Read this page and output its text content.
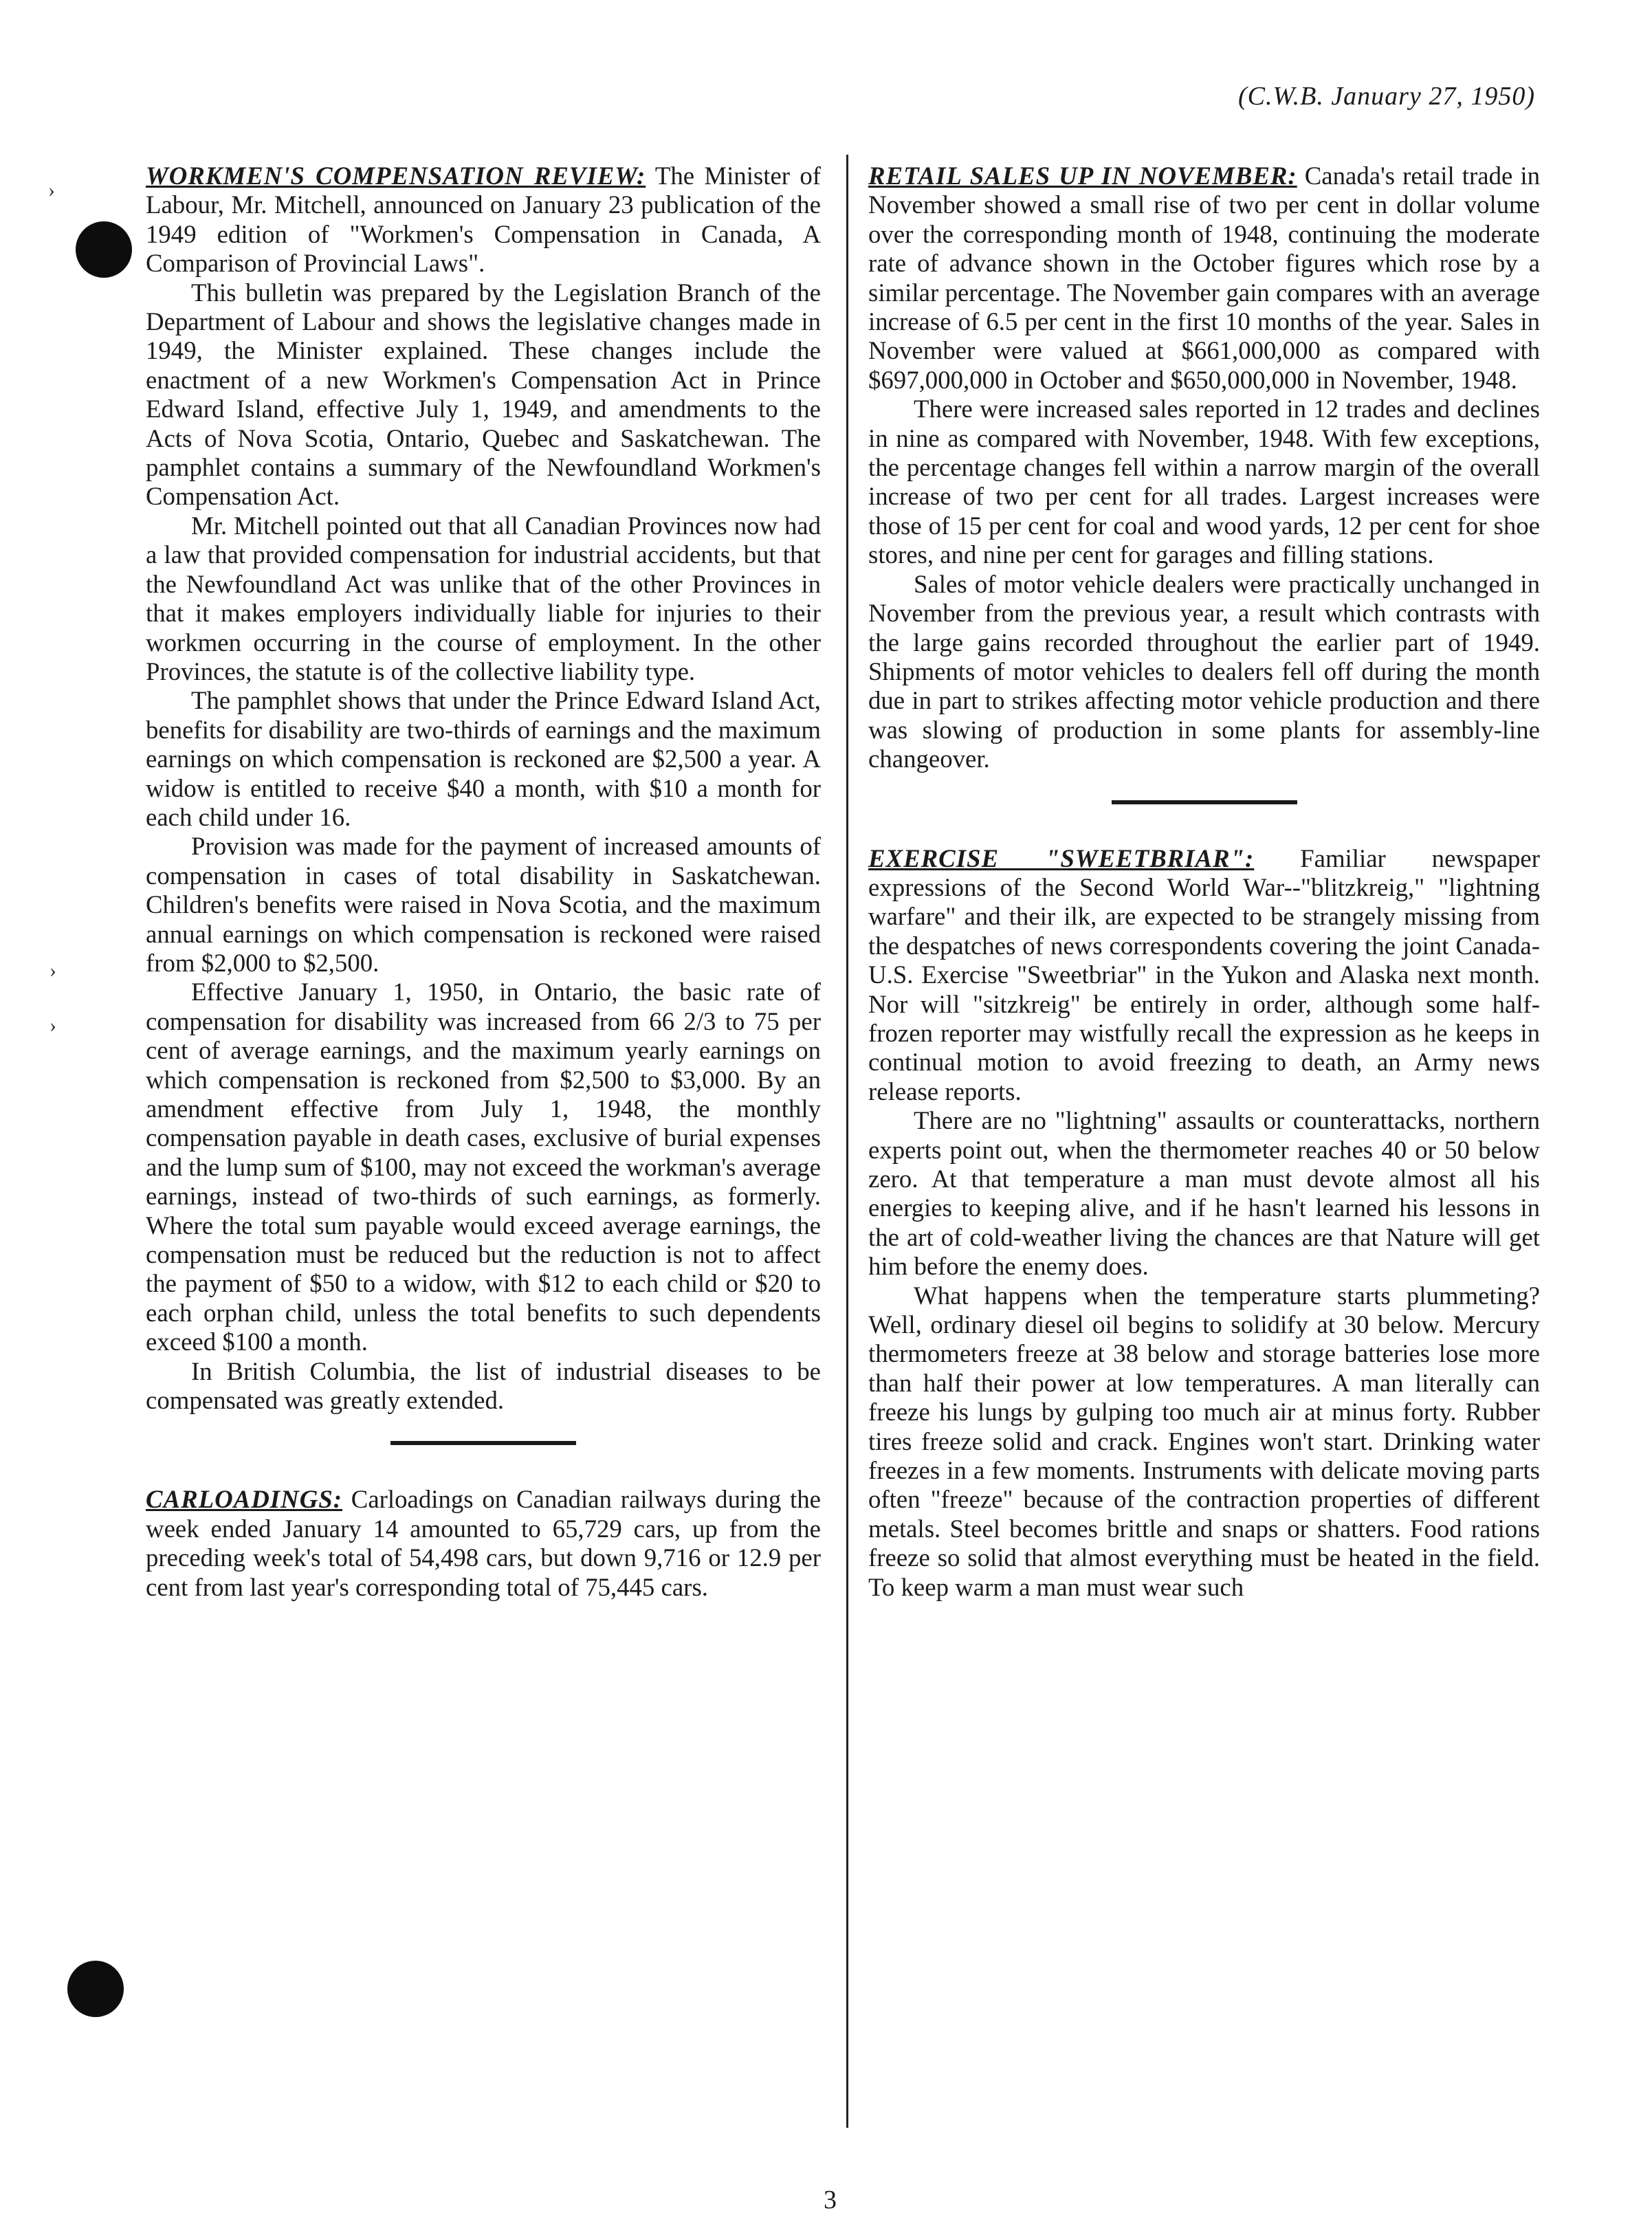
(C.W.B. January 27, 1950)
›
›
›

WORKMEN'S COMPENSATION REVIEW: The Minister of Labour, Mr. Mitchell, announced on January 23 publication of the 1949 edition of "Workmen's Compensation in Canada, A Comparison of Provincial Laws".

This bulletin was prepared by the Legislation Branch of the Department of Labour and shows the legislative changes made in 1949, the Minister explained. These changes include the enactment of a new Workmen's Compensation Act in Prince Edward Island, effective July 1, 1949, and amendments to the Acts of Nova Scotia, Ontario, Quebec and Saskatchewan. The pamphlet contains a summary of the Newfoundland Workmen's Compensation Act.

Mr. Mitchell pointed out that all Canadian Provinces now had a law that provided compensation for industrial accidents, but that the Newfoundland Act was unlike that of the other Provinces in that it makes employers individually liable for injuries to their workmen occurring in the course of employment. In the other Provinces, the statute is of the collective liability type.

The pamphlet shows that under the Prince Edward Island Act, benefits for disability are two-thirds of earnings and the maximum earnings on which compensation is reckoned are $2,500 a year. A widow is entitled to receive $40 a month, with $10 a month for each child under 16.

Provision was made for the payment of increased amounts of compensation in cases of total disability in Saskatchewan. Children's benefits were raised in Nova Scotia, and the maximum annual earnings on which compensation is reckoned were raised from $2,000 to $2,500.

Effective January 1, 1950, in Ontario, the basic rate of compensation for disability was increased from 66 2/3 to 75 per cent of average earnings, and the maximum yearly earnings on which compensation is reckoned from $2,500 to $3,000. By an amendment effective from July 1, 1948, the monthly compensation payable in death cases, exclusive of burial expenses and the lump sum of $100, may not exceed the workman's average earnings, instead of two-thirds of such earnings, as formerly. Where the total sum payable would exceed average earnings, the compensation must be reduced but the reduction is not to affect the payment of $50 to a widow, with $12 to each child or $20 to each orphan child, unless the total benefits to such dependents exceed $100 a month.

In British Columbia, the list of industrial diseases to be compensated was greatly extended.

CARLOADINGS: Carloadings on Canadian railways during the week ended January 14 amounted to 65,729 cars, up from the preceding week's total of 54,498 cars, but down 9,716 or 12.9 per cent from last year's corresponding total of 75,445 cars.

RETAIL SALES UP IN NOVEMBER: Canada's retail trade in November showed a small rise of two per cent in dollar volume over the corresponding month of 1948, continuing the moderate rate of advance shown in the October figures which rose by a similar percentage. The November gain compares with an average increase of 6.5 per cent in the first 10 months of the year. Sales in November were valued at $661,000,000 as compared with $697,000,000 in October and $650,000,000 in November, 1948.

There were increased sales reported in 12 trades and declines in nine as compared with November, 1948. With few exceptions, the percentage changes fell within a narrow margin of the overall increase of two per cent for all trades. Largest increases were those of 15 per cent for coal and wood yards, 12 per cent for shoe stores, and nine per cent for garages and filling stations.

Sales of motor vehicle dealers were practically unchanged in November from the previous year, a result which contrasts with the large gains recorded throughout the earlier part of 1949. Shipments of motor vehicles to dealers fell off during the month due in part to strikes affecting motor vehicle production and there was slowing of production in some plants for assembly-line changeover.

EXERCISE "SWEETBRIAR": Familiar newspaper expressions of the Second World War--"blitzkreig," "lightning warfare" and their ilk, are expected to be strangely missing from the despatches of news correspondents covering the joint Canada-U.S. Exercise "Sweetbriar" in the Yukon and Alaska next month. Nor will "sitzkreig" be entirely in order, although some half-frozen reporter may wistfully recall the expression as he keeps in continual motion to avoid freezing to death, an Army news release reports.

There are no "lightning" assaults or counterattacks, northern experts point out, when the thermometer reaches 40 or 50 below zero. At that temperature a man must devote almost all his energies to keeping alive, and if he hasn't learned his lessons in the art of cold-weather living the chances are that Nature will get him before the enemy does.

What happens when the temperature starts plummeting? Well, ordinary diesel oil begins to solidify at 30 below. Mercury thermometers freeze at 38 below and storage batteries lose more than half their power at low temperatures. A man literally can freeze his lungs by gulping too much air at minus forty. Rubber tires freeze solid and crack. Engines won't start. Drinking water freezes in a few moments. Instruments with delicate moving parts often "freeze" because of the contraction properties of different metals. Steel becomes brittle and snaps or shatters. Food rations freeze so solid that almost everything must be heated in the field. To keep warm a man must wear such

3
